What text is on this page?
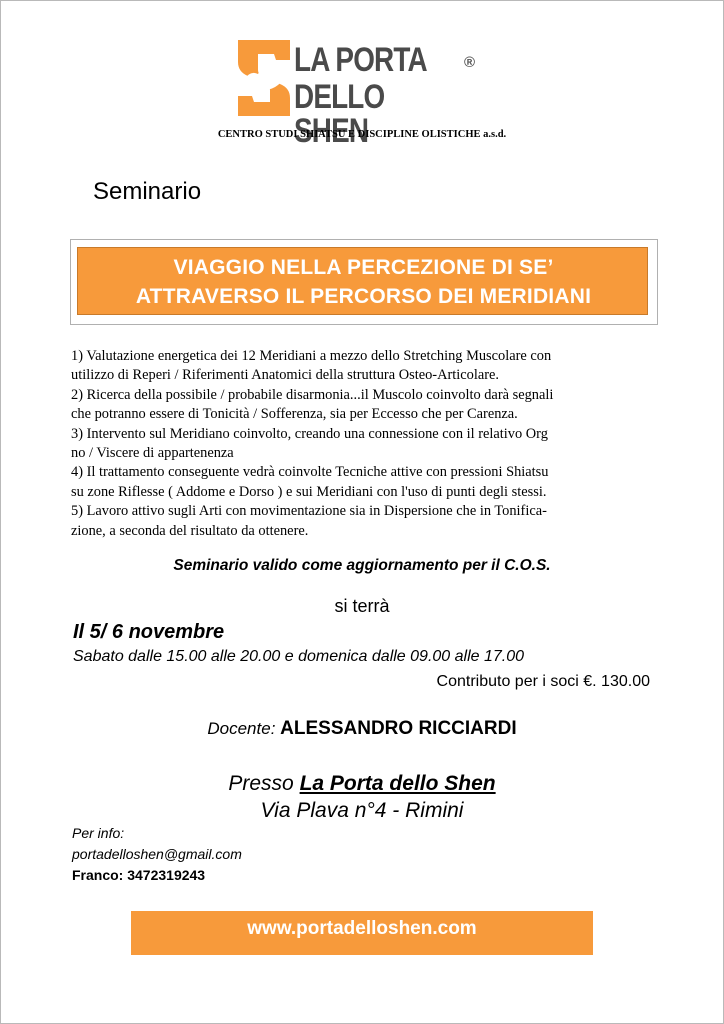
LA PORTA
DELLO SHEN
®
CENTRO STUDI SHIATSU E DISCIPLINE OLISTICHE a.s.d.
Seminario
VIAGGIO NELLA PERCEZIONE DI SE’
ATTRAVERSO IL PERCORSO DEI MERIDIANI
1) Valutazione energetica dei 12 Meridiani a mezzo dello Stretching Muscolare con
utilizzo di Reperi / Riferimenti Anatomici della struttura Osteo-Articolare.
2) Ricerca della possibile / probabile disarmonia...il Muscolo coinvolto darà segnali
che potranno essere di Tonicità / Sofferenza, sia per Eccesso che per Carenza.
3) Intervento sul Meridiano coinvolto, creando una connessione con il relativo Org
no / Viscere di appartenenza
4) Il trattamento conseguente vedrà coinvolte Tecniche attive con pressioni Shiatsu
su zone Riflesse ( Addome e Dorso ) e sui Meridiani con l'uso di punti degli stessi.
5) Lavoro attivo sugli Arti con movimentazione sia in Dispersione che in Tonifica-
zione, a seconda del risultato da ottenere.
Seminario valido come aggiornamento per il C.O.S.
si terrà
Il 5/ 6 novembre
Sabato dalle 15.00 alle 20.00 e domenica dalle 09.00 alle 17.00
Contributo per i soci €. 130.00
Docente: ALESSANDRO RICCIARDI
Presso La Porta dello Shen
Via Plava n°4 - Rimini
Per info:
portadelloshen@gmail.com
Franco: 3472319243
www.portadelloshen.com
